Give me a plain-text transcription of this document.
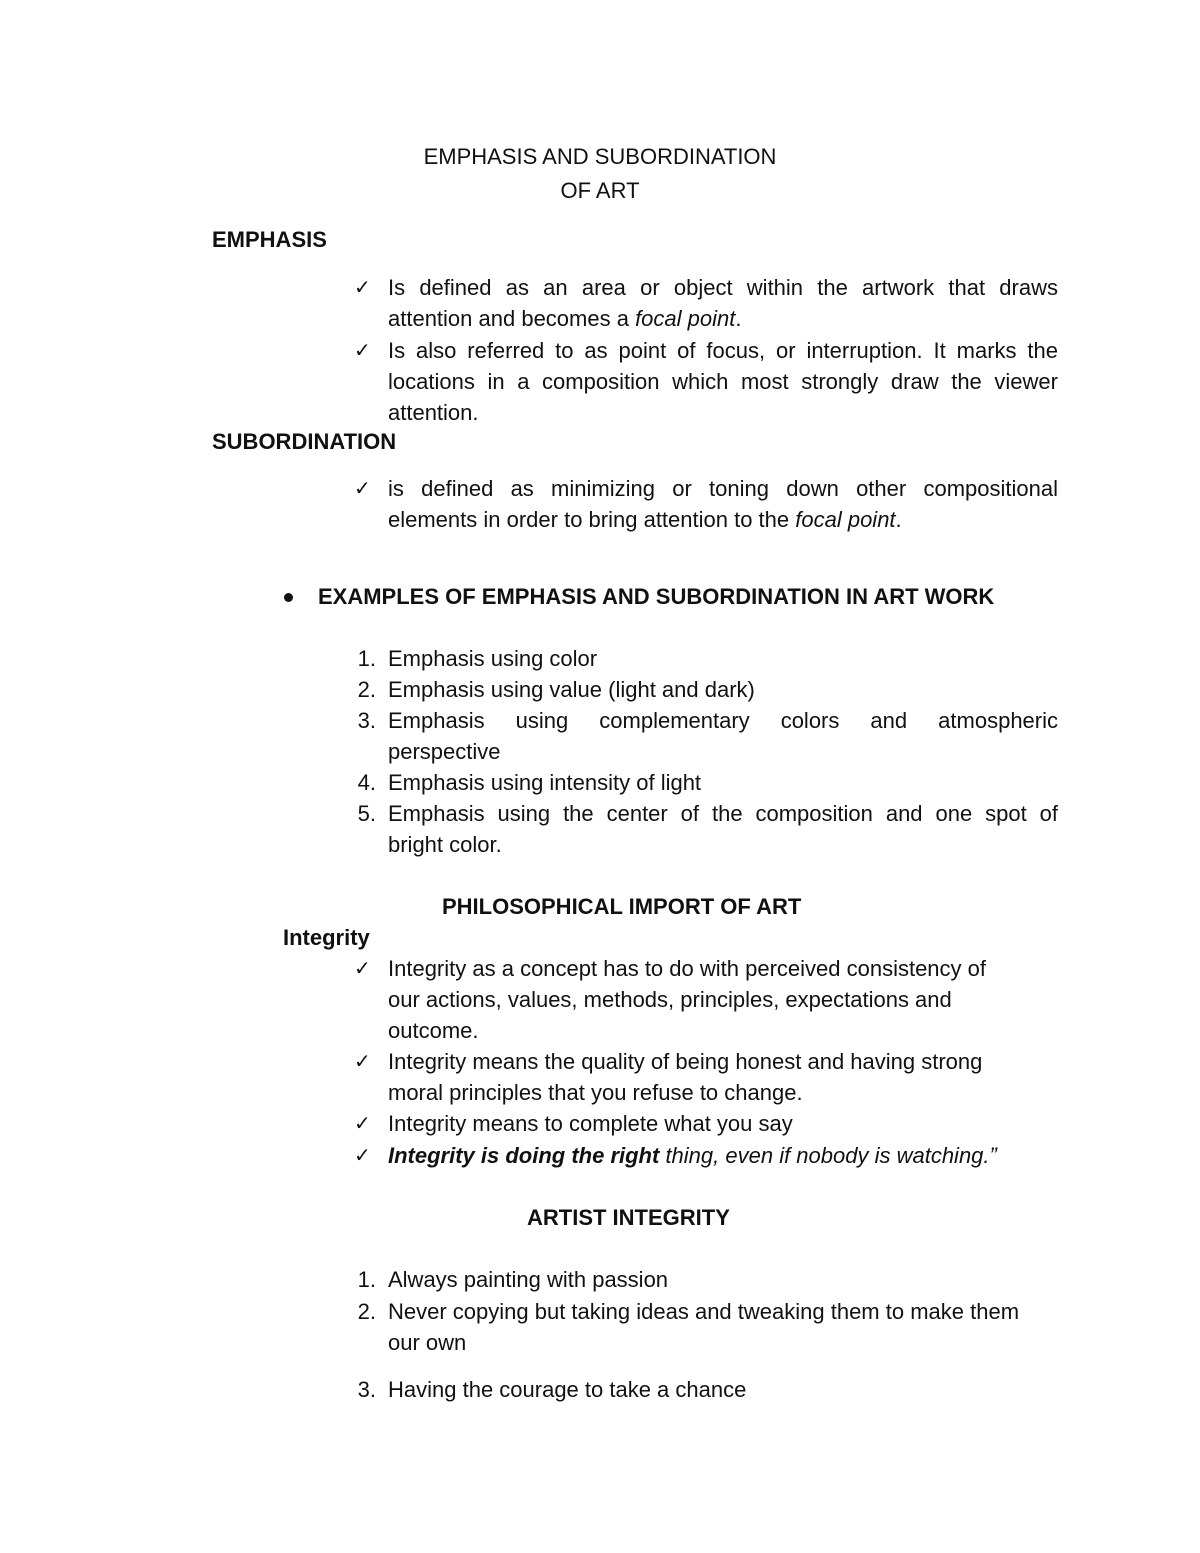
EMPHASIS AND SUBORDINATION
OF ART
EMPHASIS
✓ Is defined as an area or object within the artwork that draws
attention and becomes a focal point.
✓ Is also referred to as point of focus, or interruption. It marks the
locations in a composition which most strongly draw the viewer
attention.
SUBORDINATION
✓ is defined as minimizing or toning down other compositional
elements in order to bring attention to the focal point.
EXAMPLES OF EMPHASIS AND SUBORDINATION IN ART WORK
1. Emphasis using color
2. Emphasis using value (light and dark)
3. Emphasis using complementary colors and atmospheric
perspective
4. Emphasis using intensity of light
5. Emphasis using the center of the composition and one spot of
bright color.
PHILOSOPHICAL IMPORT OF ART
Integrity
✓ Integrity as a concept has to do with perceived consistency of
our actions, values, methods, principles, expectations and
outcome.
✓ Integrity means the quality of being honest and having strong
moral principles that you refuse to change.
✓ Integrity means to complete what you say
✓ Integrity is doing the right thing, even if nobody is watching.”
ARTIST INTEGRITY
1. Always painting with passion
2. Never copying but taking ideas and tweaking them to make them
our own
3. Having the courage to take a chance
